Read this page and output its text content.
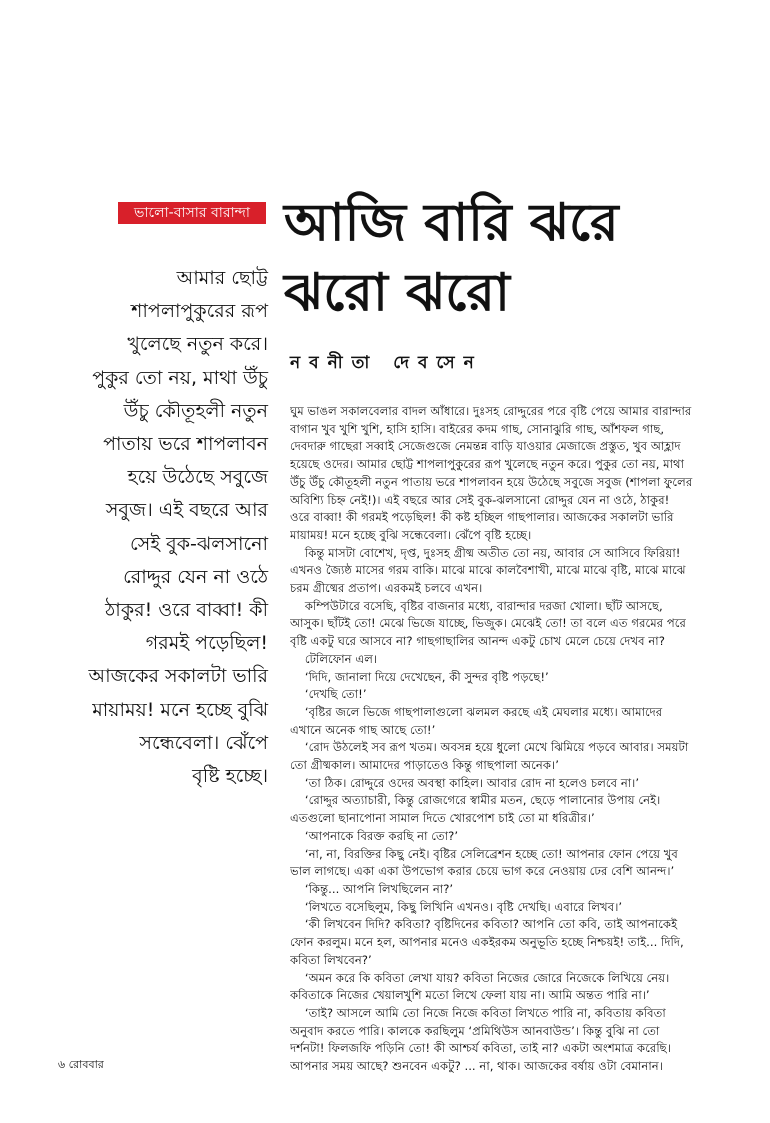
ভালো-বাসার বারান্দা আজি বারি ঝরে
ঝরো ঝরো
নবনীতা দেবসেন
আমার ছোট্ট
শাপলাপুকুরের রূপ
খুলেছে নতুন করে।
পুকুর তো নয়, মাথা উঁচু
উঁচু কৌতূহলী নতুন
পাতায় ভরে শাপলাবন
হয়ে উঠেছে সবুজে
সবুজ। এই বছরে আর
সেই বুক-ঝলসানো
রোদ্দুর যেন না ওঠে
ঠাকুর! ওরে বাব্বা! কী
গরমই পড়েছিল!
আজকের সকালটা ভারি
মায়াময়! মনে হচ্ছে বুঝি
সন্ধেবেলা। ঝেঁপে
বৃষ্টি হচ্ছে।
ঘুম ভাঙল সকালবেলার বাদল আঁধারে। দুঃসহ রোদ্দুরের পরে বৃষ্টি পেয়ে আমার বারান্দার
বাগান খুব খুশি খুশি, হাসি হাসি। বাইরের কদম গাছ, সোনাঝুরি গাছ, আঁশফল গাছ,
দেবদারু গাছেরা সব্বাই সেজেগুজে নেমন্তন্ন বাড়ি যাওয়ার মেজাজে প্রস্তুত, খুব আহ্লাদ
হয়েছে ওদের। আমার ছোট্ট শাপলাপুকুরের রূপ খুলেছে নতুন করে। পুকুর তো নয়, মাথা
উঁচু উঁচু কৌতূহলী নতুন পাতায় ভরে শাপলাবন হয়ে উঠেছে সবুজে সবুজ (শাপলা ফুলের
অবিশ্যি চিহ্ন নেই!)। এই বছরে আর সেই বুক-ঝলসানো রোদ্দুর যেন না ওঠে, ঠাকুর!
ওরে বাব্বা! কী গরমই পড়েছিল! কী কষ্ট হচ্ছিল গাছপালার। আজকের সকালটা ভারি
মায়াময়! মনে হচ্ছে বুঝি সন্ধেবেলা। ঝেঁপে বৃষ্টি হচ্ছে।
কিন্তু মাসটা বোশেখ, দৃপ্ত, দুঃসহ গ্রীষ্ম অতীত তো নয়, আবার সে আসিবে ফিরিয়া!
এখনও জ্যৈষ্ঠ মাসের গরম বাকি। মাঝে মাঝে কালবৈশাখী, মাঝে মাঝে বৃষ্টি, মাঝে মাঝে
চরম গ্রীষ্মের প্রতাপ। এরকমই চলবে এখন।
কম্পিউটারে বসেছি, বৃষ্টির বাজনার মধ্যে, বারান্দার দরজা খোলা। ছাঁট আসছে,
আসুক। ছাঁটই তো! মেঝে ভিজে যাচ্ছে, ভিজুক। মেঝেই তো! তা বলে এত গরমের পরে
বৃষ্টি একটু ঘরে আসবে না? গাছগাছালির আনন্দ একটু চোখ মেলে চেয়ে দেখব না?
টেলিফোন এল।
‘দিদি, জানালা দিয়ে দেখেছেন, কী সুন্দর বৃষ্টি পড়ছে!’
‘দেখছি তো!’
‘বৃষ্টির জলে ভিজে গাছপালাগুলো ঝলমল করছে এই মেঘলার মধ্যে। আমাদের
এখানে অনেক গাছ আছে তো!’
‘রোদ উঠলেই সব রূপ খতম। অবসন্ন হয়ে ধুলো মেখে ঝিমিয়ে পড়বে আবার। সময়টা
তো গ্রীষ্মকাল। আমাদের পাড়াতেও কিন্তু গাছপালা অনেক।’
‘তা ঠিক। রোদ্দুরে ওদের অবস্থা কাহিল। আবার রোদ না হলেও চলবে না।’
‘রোদ্দুর অত্যাচারী, কিন্তু রোজগেরে স্বামীর মতন, ছেড়ে পালানোর উপায় নেই।
এতগুলো ছানাপোনা সামাল দিতে খোরপোশ চাই তো মা ধরিত্রীর।’
‘আপনাকে বিরক্ত করছি না তো?’
‘না, না, বিরক্তির কিছু নেই। বৃষ্টির সেলিব্রেশন হচ্ছে তো! আপনার ফোন পেয়ে খুব
ভাল লাগছে। একা একা উপভোগ করার চেয়ে ভাগ করে নেওয়ায় ঢের বেশি আনন্দ।’
‘কিন্তু... আপনি লিখছিলেন না?’
‘লিখতে বসেছিলুম, কিছু লিখিনি এখনও। বৃষ্টি দেখছি। এবারে লিখব।’
‘কী লিখবেন দিদি? কবিতা? বৃষ্টিদিনের কবিতা? আপনি তো কবি, তাই আপনাকেই
ফোন করলুম। মনে হল, আপনার মনেও একইরকম অনুভূতি হচ্ছে নিশ্চয়ই! তাই... দিদি,
কবিতা লিখবেন?’
‘অমন করে কি কবিতা লেখা যায়? কবিতা নিজের জোরে নিজেকে লিখিয়ে নেয়।
কবিতাকে নিজের খেয়ালখুশি মতো লিখে ফেলা যায় না। আমি অন্তত পারি না।’
‘তাই? আসলে আমি তো নিজে নিজে কবিতা লিখতে পারি না, কবিতায় কবিতা
অনুবাদ করতে পারি। কালকে করছিলুম ‘প্রমিথিউস আনবাউন্ড’। কিন্তু বুঝি না তো
দর্শনটা! ফিলজফি পড়িনি তো! কী আশ্চর্য কবিতা, তাই না? একটা অংশমাত্র করেছি।
আপনার সময় আছে? শুনবেন একটু? ... না, থাক। আজকের বর্ষায় ওটা বেমানান।
৬ রোববার
